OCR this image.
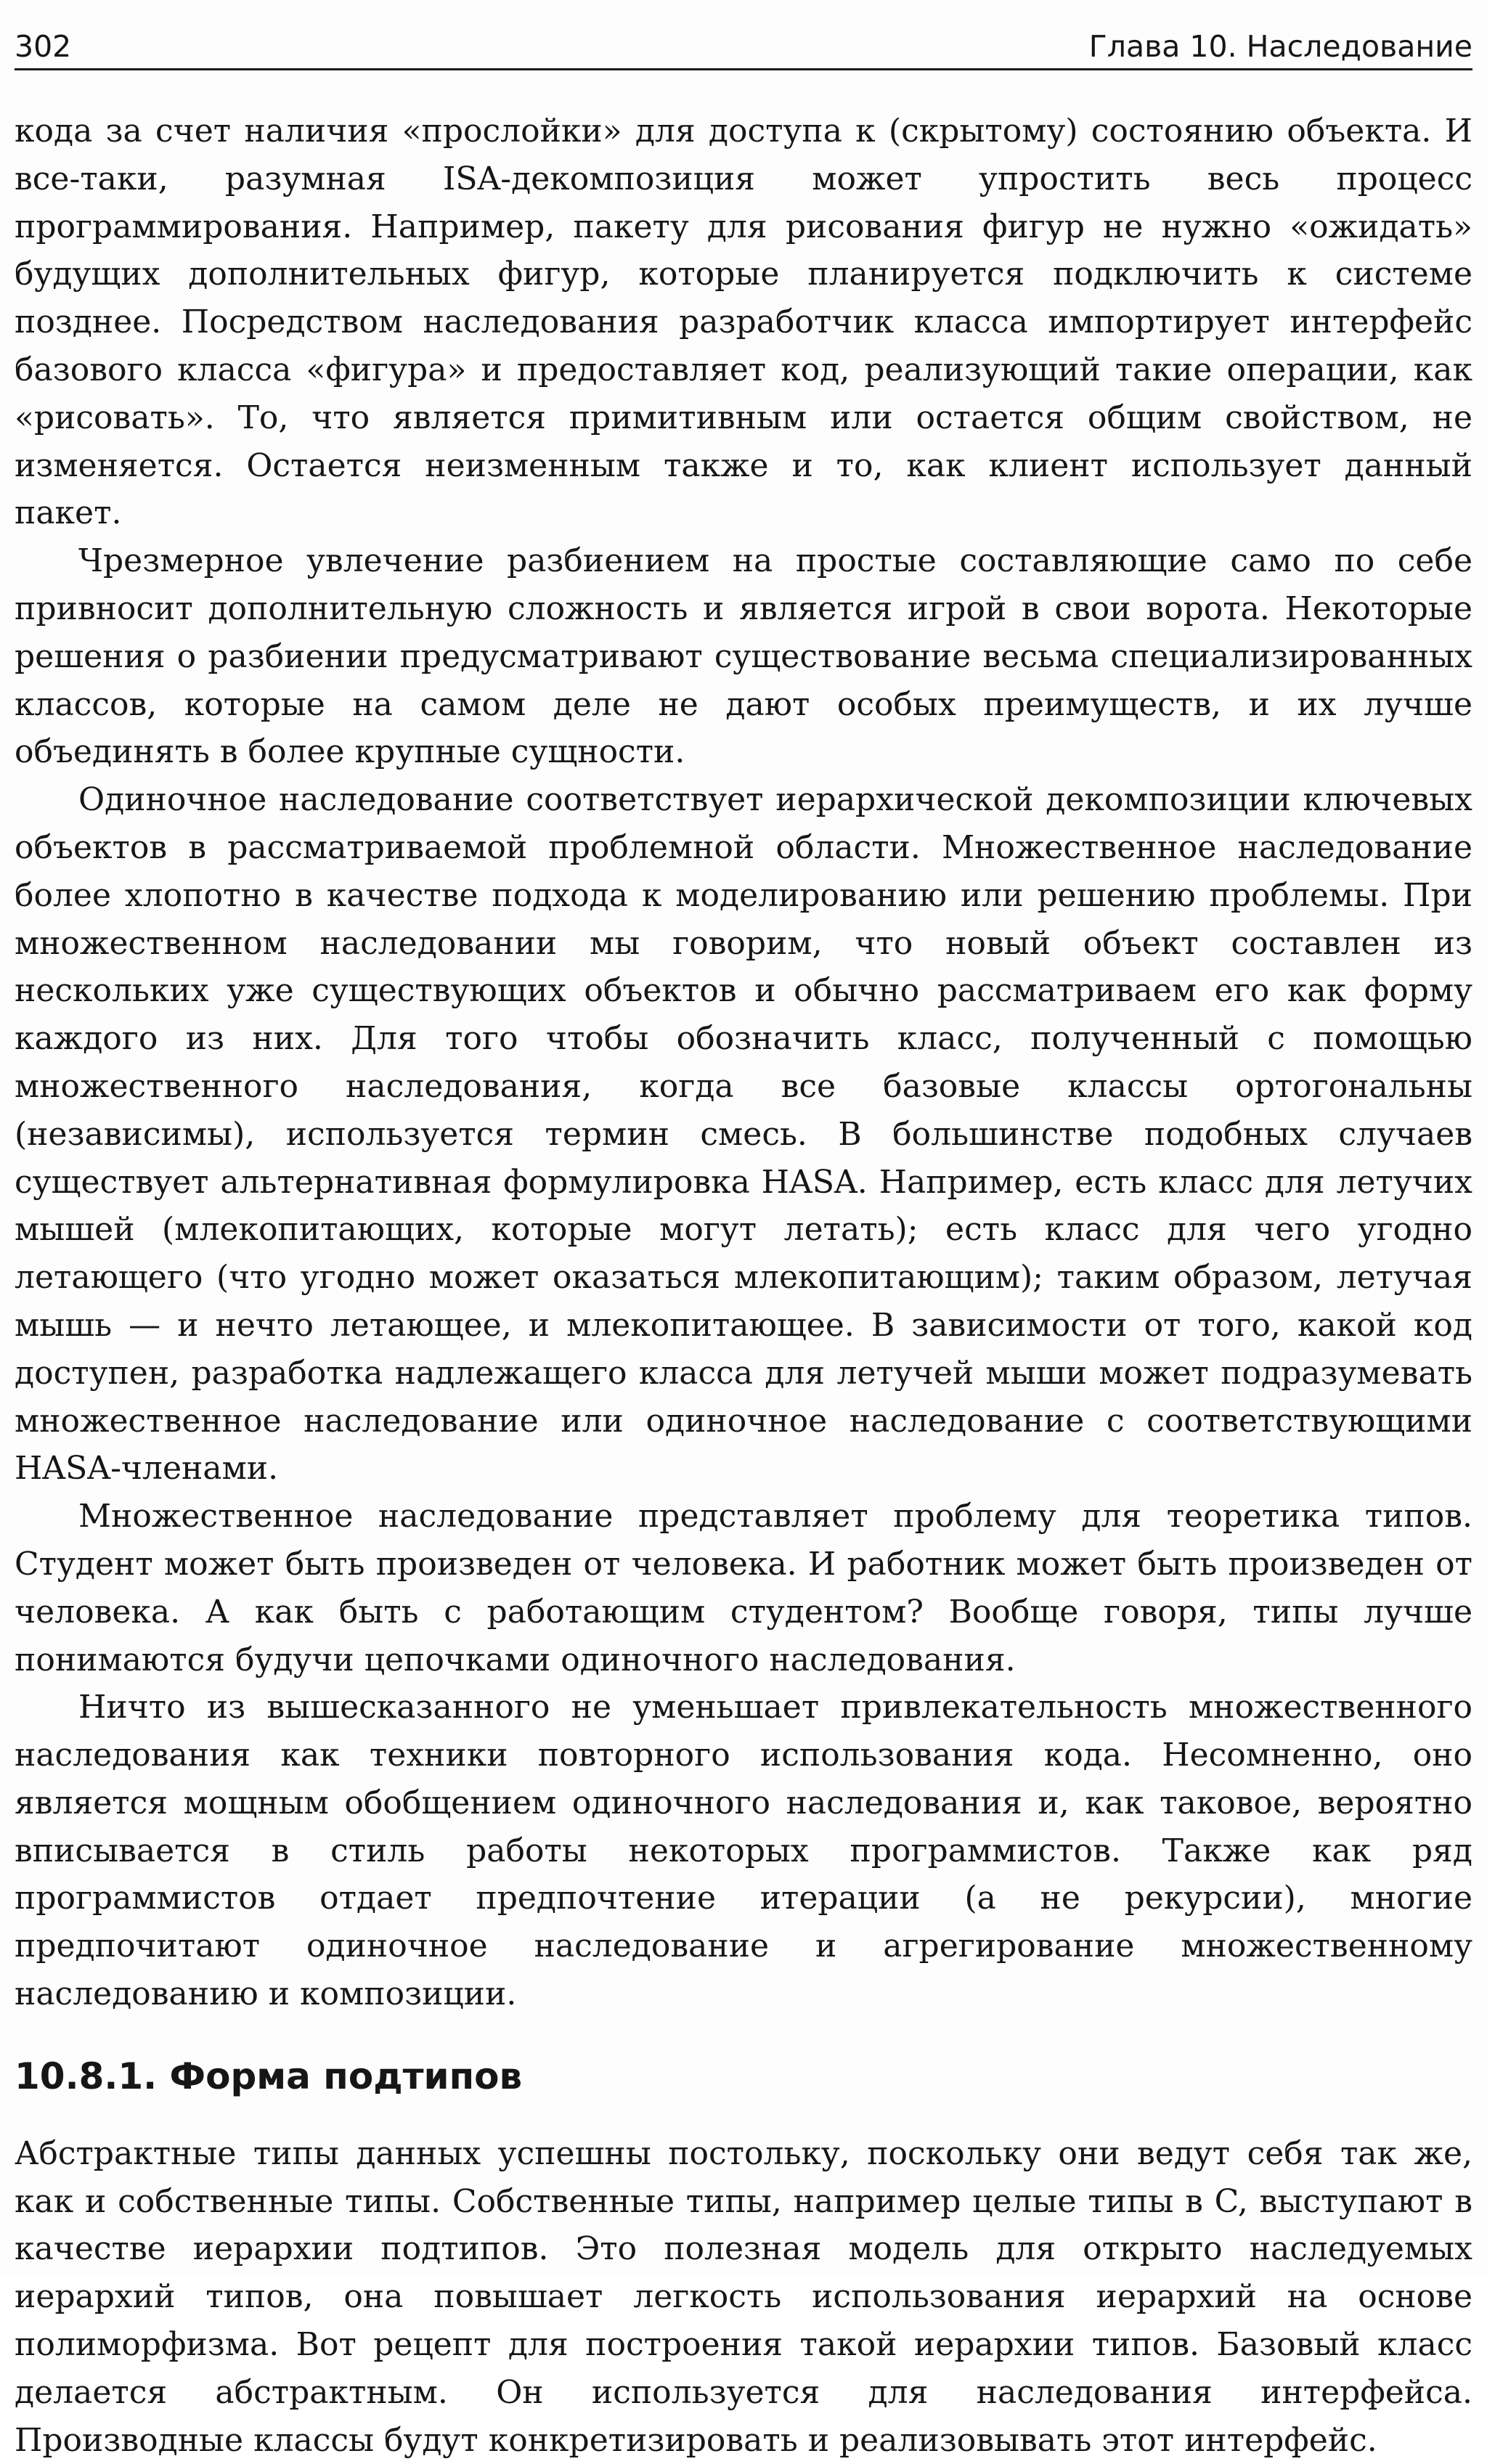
302	Глава 10. Наследование

кода за счет наличия «прослойки» для доступа к (скрытому) состоянию объекта. И все-таки, разумная ISA-декомпозиция может упростить весь процесс программирования. Например, пакету для рисования фигур не нужно «ожидать» будущих дополнительных фигур, которые планируется подключить к системе позднее. Посредством наследования разработчик класса импортирует интерфейс базового класса «фигура» и предоставляет код, реализующий такие операции, как «рисовать». То, что является примитивным или остается общим свойством, не изменяется. Остается неизменным также и то, как клиент использует данный пакет.

Чрезмерное увлечение разбиением на простые составляющие само по себе привносит дополнительную сложность и является игрой в свои ворота. Некоторые решения о разбиении предусматривают существование весьма специализированных классов, которые на самом деле не дают особых преимуществ, и их лучше объединять в более крупные сущности.

Одиночное наследование соответствует иерархической декомпозиции ключевых объектов в рассматриваемой проблемной области. Множественное наследование более хлопотно в качестве подхода к моделированию или решению проблемы. При множественном наследовании мы говорим, что новый объект составлен из нескольких уже существующих объектов и обычно рассматриваем его как форму каждого из них. Для того чтобы обозначить класс, полученный с помощью множественного наследования, когда все базовые классы ортогональны (независимы), используется термин смесь. В большинстве подобных случаев существует альтернативная формулировка HASA. Например, есть класс для летучих мышей (млекопитающих, которые могут летать); есть класс для чего угодно летающего (что угодно может оказаться млекопитающим); таким образом, летучая мышь — и нечто летающее, и млекопитающее. В зависимости от того, какой код доступен, разработка надлежащего класса для летучей мыши может подразумевать множественное наследование или одиночное наследование с соответствующими HASA-членами.

Множественное наследование представляет проблему для теоретика типов. Студент может быть произведен от человека. И работник может быть произведен от человека. А как быть с работающим студентом? Вообще говоря, типы лучше понимаются будучи цепочками одиночного наследования.

Ничто из вышесказанного не уменьшает привлекательность множественного наследования как техники повторного использования кода. Несомненно, оно является мощным обобщением одиночного наследования и, как таковое, вероятно вписывается в стиль работы некоторых программистов. Также как ряд программистов отдает предпочтение итерации (а не рекурсии), многие предпочитают одиночное наследование и агрегирование множественному наследованию и композиции.

10.8.1. Форма подтипов

Абстрактные типы данных успешны постольку, поскольку они ведут себя так же, как и собственные типы. Собственные типы, например целые типы в C, выступают в качестве иерархии подтипов. Это полезная модель для открыто наследуемых иерархий типов, она повышает легкость использования иерархий на основе полиморфизма. Вот рецепт для построения такой иерархии типов. Базовый класс делается абстрактным. Он используется для наследования интерфейса. Производные классы будут конкретизировать и реализовывать этот интерфейс.
